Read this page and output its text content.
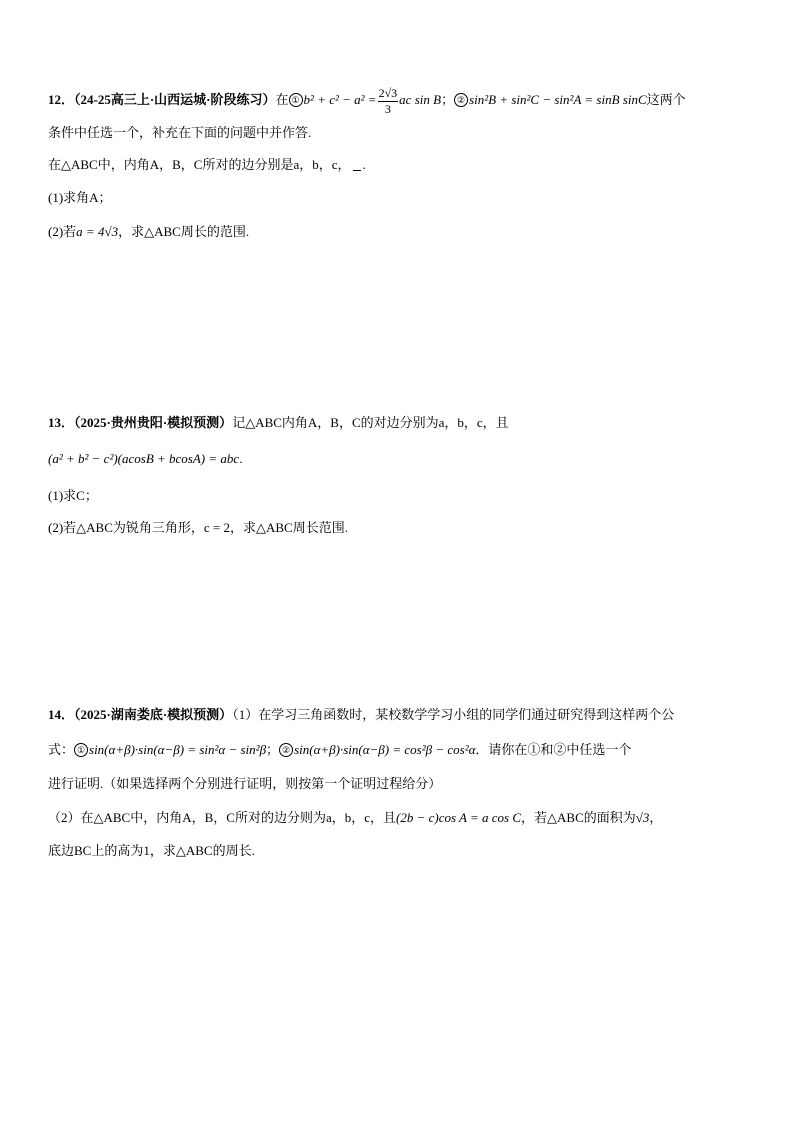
12．（24-25高三上·山西运城·阶段练习）在 ① $b^2 + c^2 - a^2 = \frac{2√3}{3}$ ac sin B； ② sin²B + sin²C − sin²A = sinB sinC这两个
条件中任选一个，补充在下面的问题中并作答.
在△ABC中，内角A，B，C所对的边分别是a，b，c， .
(1)求角A；
(2)若a = 4√3，求△ABC周长的范围.
13．（2025·贵州贵阳·模拟预测）记△ABC内角A，B，C的对边分别为a，b，c，且
(a² + b² − c²)(acosB + bcosA) = abc.
(1)求C；
(2)若△ABC为锐角三角形，c = 2，求△ABC周长范围.
14．（2025·湖南娄底·模拟预测）（1）在学习三角函数时，某校数学学习小组的同学们通过研究得到这样两个公
式： ① sin(α+β)·sin(α−β) = sin²α − sin²β； ② sin(α+β)·sin(α−β) = cos²β − cos²α．请你在①和②中任选一个
进行证明.（如果选择两个分别进行证明，则按第一个证明过程给分）
（2）在△ABC中，内角A，B，C所对的边分则为a，b，c，且(2b − c)cos A = a cos C，若△ABC的面积为√3，
底边BC上的高为1，求△ABC的周长.
